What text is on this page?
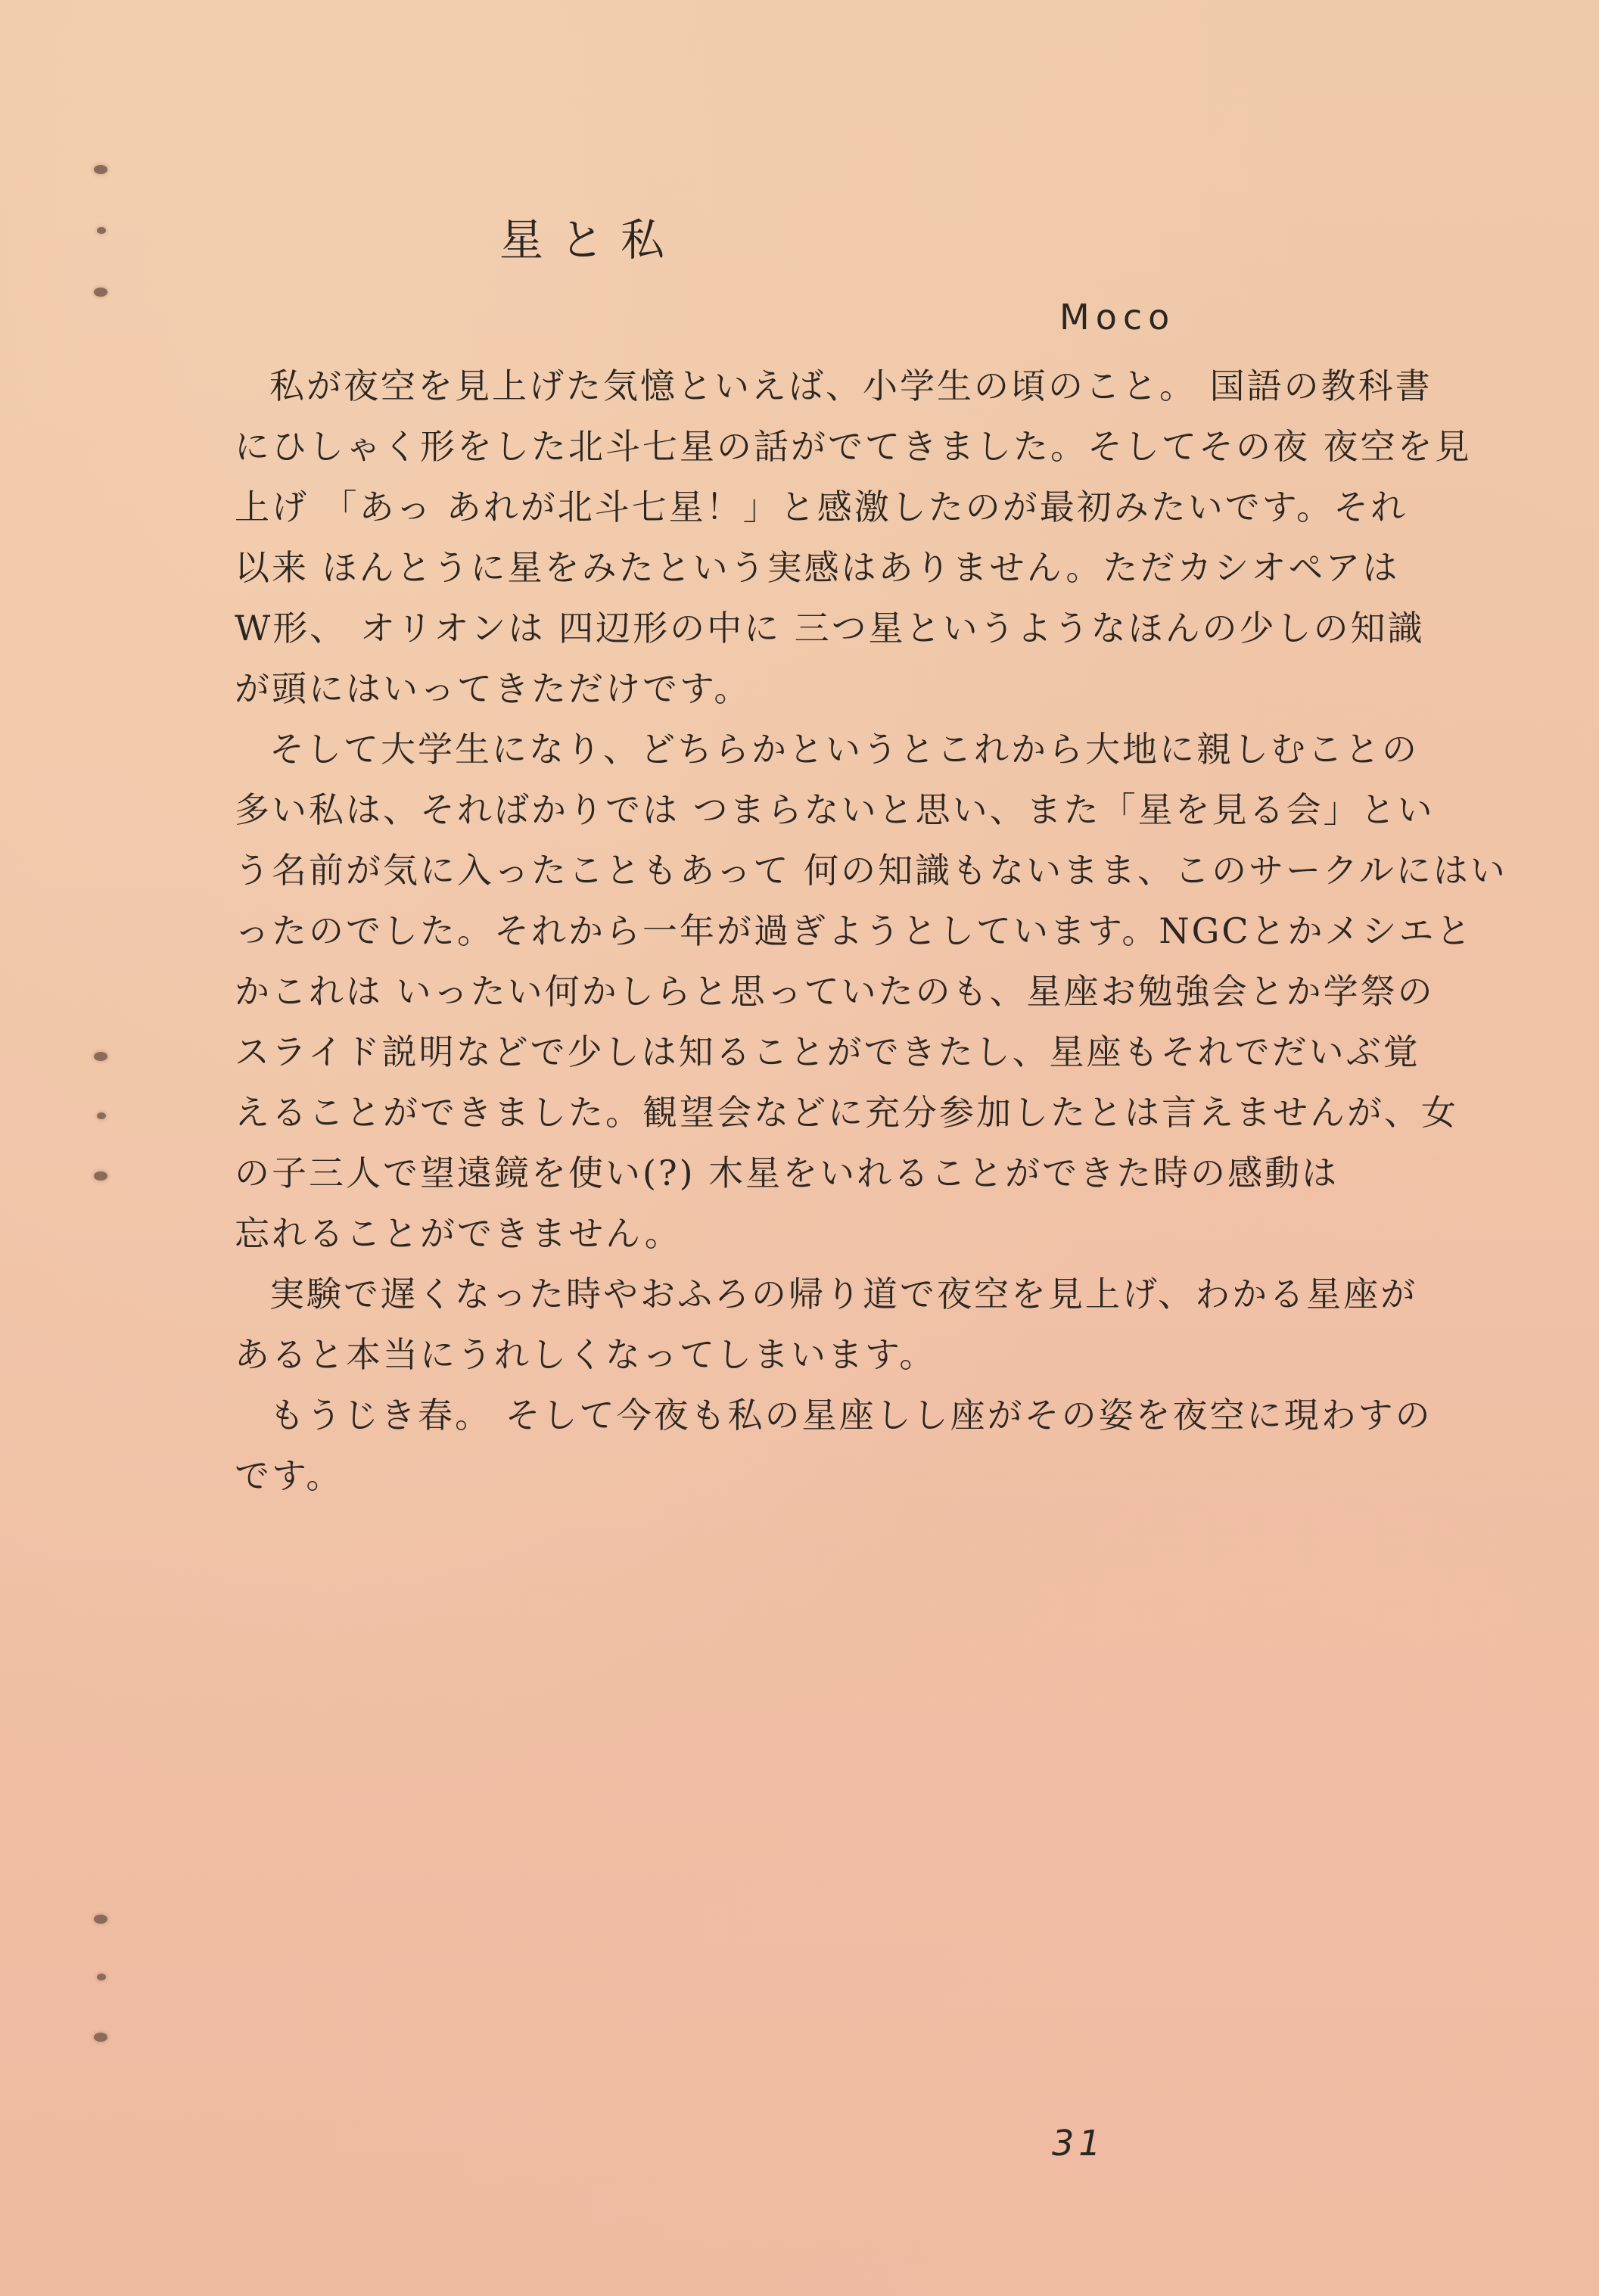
星と私

Moco

私が夜空を見上げた気憶といえば、小学生の頃のこと。 国語の教科書
にひしゃく形をした北斗七星の話がでてきました。そしてその夜 夜空を見
上げ 「あっ あれが北斗七星！」と感激したのが最初みたいです。それ
以来 ほんとうに星をみたという実感はありません。ただカシオペアは
W形、 オリオンは 四辺形の中に 三つ星というようなほんの少しの知識
が頭にはいってきただけです。
そして大学生になり、どちらかというとこれから大地に親しむことの
多い私は、そればかりでは つまらないと思い、また「星を見る会」とい
う名前が気に入ったこともあって 何の知識もないまま、このサークルにはい
ったのでした。それから一年が過ぎようとしています。NGCとかメシエと
かこれは いったい何かしらと思っていたのも、星座お勉強会とか学祭の
スライド説明などで少しは知ることができたし、星座もそれでだいぶ覚
えることができました。観望会などに充分参加したとは言えませんが、女
の子三人で望遠鏡を使い(?) 木星をいれることができた時の感動は
忘れることができません。
実験で遅くなった時やおふろの帰り道で夜空を見上げ、わかる星座が
あると本当にうれしくなってしまいます。
もうじき春。 そして今夜も私の星座しし座がその姿を夜空に現わすの
です。

31
